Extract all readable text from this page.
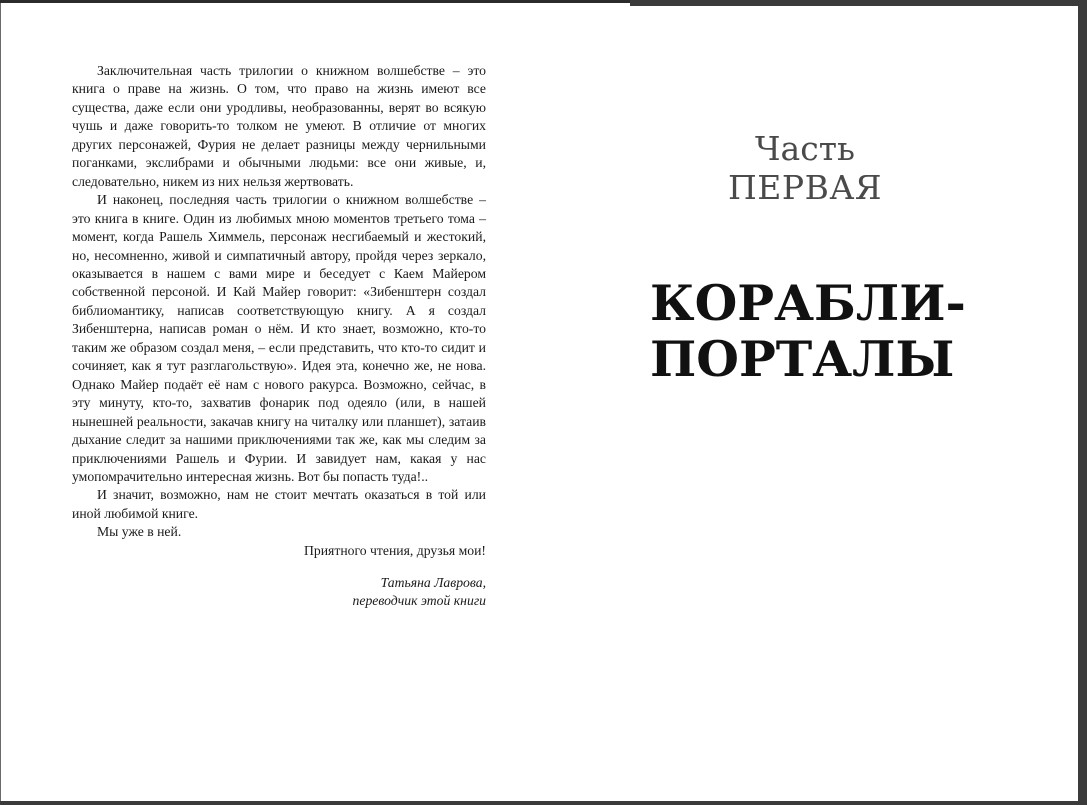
Заключительная часть трилогии о книжном волшебстве – это книга о праве на жизнь. О том, что право на жизнь имеют все существа, даже если они уродливы, необразованны, верят во всякую чушь и даже говорить-то толком не умеют. В отличие от многих других персонажей, Фурия не делает разницы между чернильными поганками, экслибрами и обычными людьми: все они живые, и, следовательно, никем из них нельзя жертвовать.

И наконец, последняя часть трилогии о книжном волшебстве – это книга в книге. Один из любимых мною моментов третьего тома – момент, когда Рашель Химмель, персонаж несгибаемый и жестокий, но, несомненно, живой и симпатичный автору, пройдя через зеркало, оказывается в нашем с вами мире и беседует с Каем Майером собственной персоной. И Кай Майер говорит: «Зибенштерн создал библиомантику, написав соответствующую книгу. А я создал Зибенштерна, написав роман о нём. И кто знает, возможно, кто-то таким же образом создал меня, – если представить, что кто-то сидит и сочиняет, как я тут разглагольствую». Идея эта, конечно же, не нова. Однако Майер подаёт её нам с нового ракурса. Возможно, сейчас, в эту минуту, кто-то, захватив фонарик под одеяло (или, в нашей нынешней реальности, закачав книгу на читалку или планшет), затаив дыхание следит за нашими приключениями так же, как мы следим за приключениями Рашель и Фурии. И завидует нам, какая у нас умопомрачительно интересная жизнь. Вот бы попасть туда!..

И значит, возможно, нам не стоит мечтать оказаться в той или иной любимой книге.

Мы уже в ней.

Приятного чтения, друзья мои!
Татьяна Лаврова,
переводчик этой книги
Часть
ПЕРВАЯ
КОРАБЛИ-
ПОРТАЛЫ
